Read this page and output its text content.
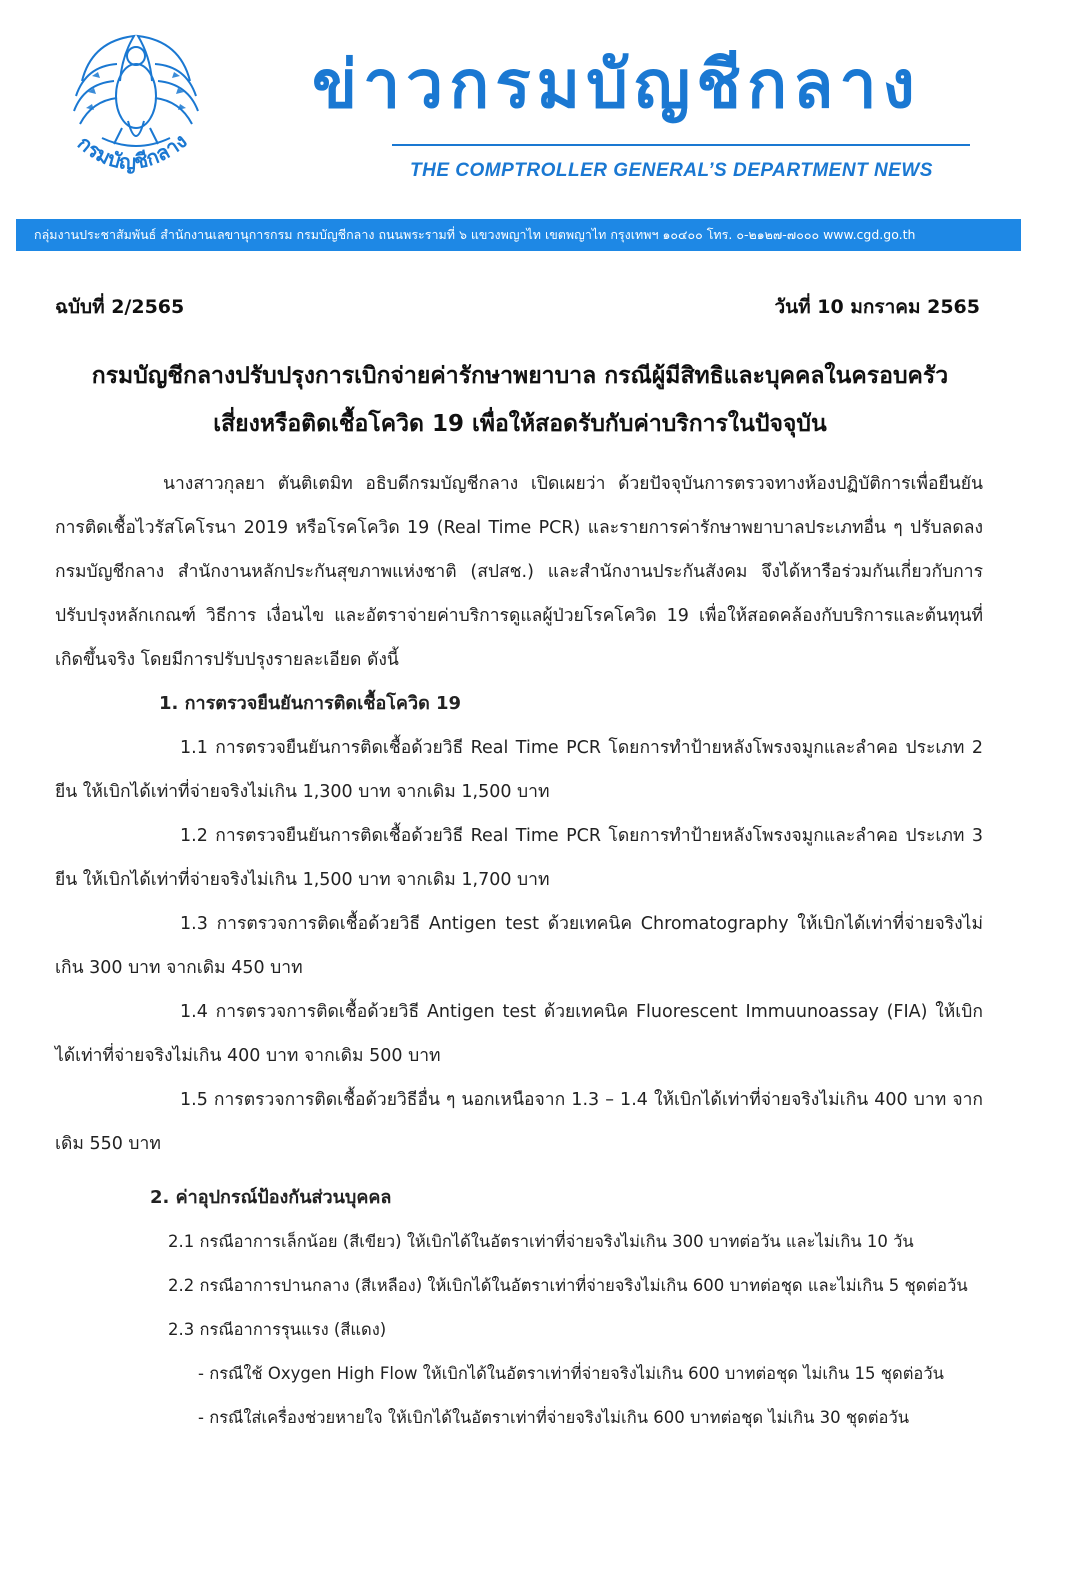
กรมบัญชีกลาง
ข่าวกรมบัญชีกลาง
THE COMPTROLLER GENERAL’S DEPARTMENT NEWS
กลุ่มงานประชาสัมพันธ์ สำนักงานเลขานุการกรม กรมบัญชีกลาง ถนนพระรามที่ ๖ แขวงพญาไท เขตพญาไท กรุงเทพฯ ๑๐๔๐๐ โทร. ๐-๒๑๒๗-๗๐๐๐ www.cgd.go.th
ฉบับที่ 2/2565	วันที่ 10 มกราคม 2565
กรมบัญชีกลางปรับปรุงการเบิกจ่ายค่ารักษาพยาบาล กรณีผู้มีสิทธิและบุคคลในครอบครัว
เสี่ยงหรือติดเชื้อโควิด 19 เพื่อให้สอดรับกับค่าบริการในปัจจุบัน

นางสาวกุลยา ตันติเตมิท อธิบดีกรมบัญชีกลาง เปิดเผยว่า ด้วยปัจจุบันการตรวจทางห้องปฏิบัติการเพื่อยืนยันการติดเชื้อไวรัสโคโรนา 2019 หรือโรคโควิด 19 (Real Time PCR) และรายการค่ารักษาพยาบาลประเภทอื่น ๆ ปรับลดลง กรมบัญชีกลาง สำนักงานหลักประกันสุขภาพแห่งชาติ (สปสช.) และสำนักงานประกันสังคม จึงได้หารือร่วมกันเกี่ยวกับการปรับปรุงหลักเกณฑ์ วิธีการ เงื่อนไข และอัตราจ่ายค่าบริการดูแลผู้ป่วยโรคโควิด 19 เพื่อให้สอดคล้องกับบริการและต้นทุนที่เกิดขึ้นจริง โดยมีการปรับปรุงรายละเอียด ดังนี้

1. การตรวจยืนยันการติดเชื้อโควิด 19

1.1 การตรวจยืนยันการติดเชื้อด้วยวิธี Real Time PCR โดยการทำป้ายหลังโพรงจมูกและลำคอ ประเภท 2 ยีน ให้เบิกได้เท่าที่จ่ายจริงไม่เกิน 1,300 บาท จากเดิม 1,500 บาท

1.2 การตรวจยืนยันการติดเชื้อด้วยวิธี Real Time PCR โดยการทำป้ายหลังโพรงจมูกและลำคอ ประเภท 3 ยีน ให้เบิกได้เท่าที่จ่ายจริงไม่เกิน 1,500 บาท จากเดิม 1,700 บาท

1.3 การตรวจการติดเชื้อด้วยวิธี Antigen test ด้วยเทคนิค Chromatography ให้เบิกได้เท่าที่จ่ายจริงไม่เกิน 300 บาท จากเดิม 450 บาท

1.4 การตรวจการติดเชื้อด้วยวิธี Antigen test ด้วยเทคนิค Fluorescent Immuunoassay (FIA) ให้เบิกได้เท่าที่จ่ายจริงไม่เกิน 400 บาท จากเดิม 500 บาท

1.5 การตรวจการติดเชื้อด้วยวิธีอื่น ๆ นอกเหนือจาก 1.3 – 1.4 ให้เบิกได้เท่าที่จ่ายจริงไม่เกิน 400 บาท จากเดิม 550 บาท

2. ค่าอุปกรณ์ป้องกันส่วนบุคคล

2.1 กรณีอาการเล็กน้อย (สีเขียว) ให้เบิกได้ในอัตราเท่าที่จ่ายจริงไม่เกิน 300 บาทต่อวัน และไม่เกิน 10 วัน

2.2 กรณีอาการปานกลาง (สีเหลือง) ให้เบิกได้ในอัตราเท่าที่จ่ายจริงไม่เกิน 600 บาทต่อชุด และไม่เกิน 5 ชุดต่อวัน

2.3 กรณีอาการรุนแรง (สีแดง)

- กรณีใช้ Oxygen High Flow ให้เบิกได้ในอัตราเท่าที่จ่ายจริงไม่เกิน 600 บาทต่อชุด ไม่เกิน 15 ชุดต่อวัน

- กรณีใส่เครื่องช่วยหายใจ ให้เบิกได้ในอัตราเท่าที่จ่ายจริงไม่เกิน 600 บาทต่อชุด ไม่เกิน 30 ชุดต่อวัน
